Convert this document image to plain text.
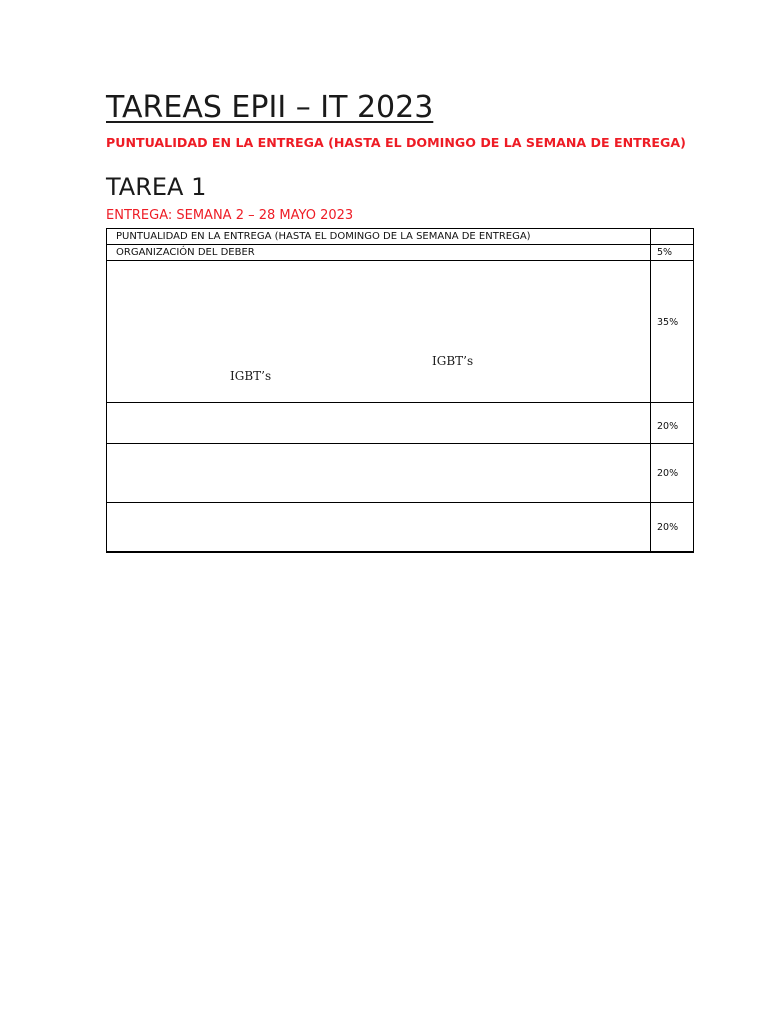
TAREAS EPII – IT 2023

PUNTUALIDAD EN LA ENTREGA (HASTA EL DOMINGO DE LA SEMANA DE ENTREGA)

TAREA 1

ENTREGA: SEMANA 2 – 28 MAYO 2023

PUNTUALIDAD EN LA ENTREGA (HASTA EL DOMINGO DE LA SEMANA DE ENTREGA)	
ORGANIZACIÓN DEL DEBER	5%

IGBT’s
IGBT’s	35%
	20%
	20%
	20%
